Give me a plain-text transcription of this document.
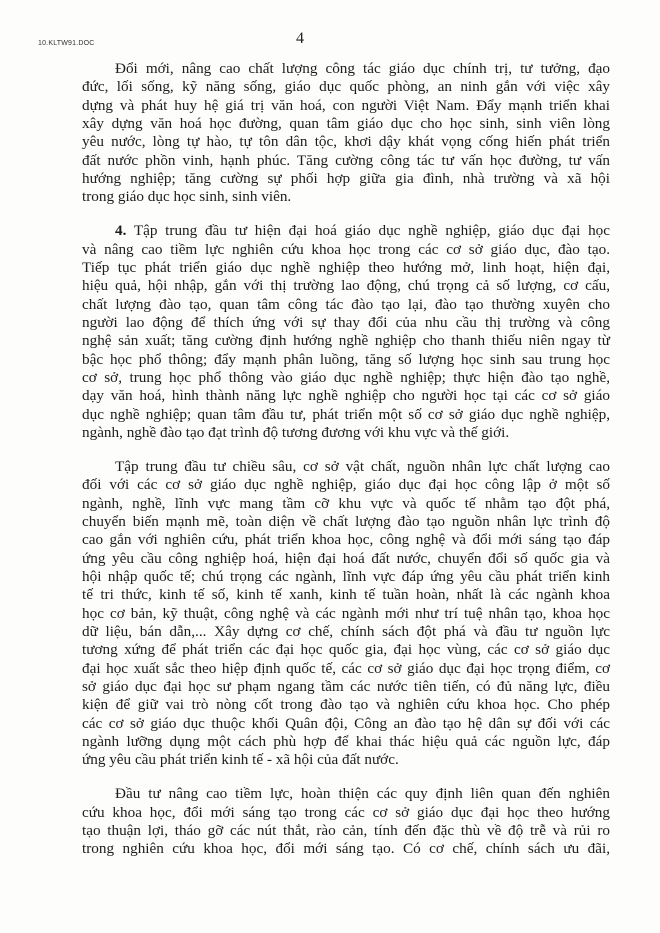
10.KLTW91.DOC	4
Đổi mới, nâng cao chất lượng công tác giáo dục chính trị, tư tưởng, đạo
đức, lối sống, kỹ năng sống, giáo dục quốc phòng, an ninh gắn với việc xây
dựng và phát huy hệ giá trị văn hoá, con người Việt Nam. Đẩy mạnh triển khai
xây dựng văn hoá học đường, quan tâm giáo dục cho học sinh, sinh viên lòng
yêu nước, lòng tự hào, tự tôn dân tộc, khơi dậy khát vọng cống hiến phát triển
đất nước phồn vinh, hạnh phúc. Tăng cường công tác tư vấn học đường, tư vấn
hướng nghiệp; tăng cường sự phối hợp giữa gia đình, nhà trường và xã hội
trong giáo dục học sinh, sinh viên.
4. Tập trung đầu tư hiện đại hoá giáo dục nghề nghiệp, giáo dục đại học
và nâng cao tiềm lực nghiên cứu khoa học trong các cơ sở giáo dục, đào tạo.
Tiếp tục phát triển giáo dục nghề nghiệp theo hướng mở, linh hoạt, hiện đại,
hiệu quả, hội nhập, gắn với thị trường lao động, chú trọng cả số lượng, cơ cấu,
chất lượng đào tạo, quan tâm công tác đào tạo lại, đào tạo thường xuyên cho
người lao động để thích ứng với sự thay đổi của nhu cầu thị trường và công
nghệ sản xuất; tăng cường định hướng nghề nghiệp cho thanh thiếu niên ngay từ
bậc học phổ thông; đẩy mạnh phân luồng, tăng số lượng học sinh sau trung học
cơ sở, trung học phổ thông vào giáo dục nghề nghiệp; thực hiện đào tạo nghề,
dạy văn hoá, hình thành năng lực nghề nghiệp cho người học tại các cơ sở giáo
dục nghề nghiệp; quan tâm đầu tư, phát triển một số cơ sở giáo dục nghề nghiệp,
ngành, nghề đào tạo đạt trình độ tương đương với khu vực và thế giới.
Tập trung đầu tư chiều sâu, cơ sở vật chất, nguồn nhân lực chất lượng cao
đối với các cơ sở giáo dục nghề nghiệp, giáo dục đại học công lập ở một số
ngành, nghề, lĩnh vực mang tầm cỡ khu vực và quốc tế nhằm tạo đột phá,
chuyển biến mạnh mẽ, toàn diện về chất lượng đào tạo nguồn nhân lực trình độ
cao gắn với nghiên cứu, phát triển khoa học, công nghệ và đổi mới sáng tạo đáp
ứng yêu cầu công nghiệp hoá, hiện đại hoá đất nước, chuyển đổi số quốc gia và
hội nhập quốc tế; chú trọng các ngành, lĩnh vực đáp ứng yêu cầu phát triển kinh
tế tri thức, kinh tế số, kinh tế xanh, kinh tế tuần hoàn, nhất là các ngành khoa
học cơ bản, kỹ thuật, công nghệ và các ngành mới như trí tuệ nhân tạo, khoa học
dữ liệu, bán dẫn,... Xây dựng cơ chế, chính sách đột phá và đầu tư nguồn lực
tương xứng để phát triển các đại học quốc gia, đại học vùng, các cơ sở giáo dục
đại học xuất sắc theo hiệp định quốc tế, các cơ sở giáo dục đại học trọng điểm, cơ
sở giáo dục đại học sư phạm ngang tầm các nước tiên tiến, có đủ năng lực, điều
kiện để giữ vai trò nòng cốt trong đào tạo và nghiên cứu khoa học. Cho phép
các cơ sở giáo dục thuộc khối Quân đội, Công an đào tạo hệ dân sự đối với các
ngành lưỡng dụng một cách phù hợp để khai thác hiệu quả các nguồn lực, đáp
ứng yêu cầu phát triển kinh tế - xã hội của đất nước.
Đầu tư nâng cao tiềm lực, hoàn thiện các quy định liên quan đến nghiên
cứu khoa học, đổi mới sáng tạo trong các cơ sở giáo dục đại học theo hướng
tạo thuận lợi, tháo gỡ các nút thắt, rào cản, tính đến đặc thù về độ trễ và rủi ro
trong nghiên cứu khoa học, đổi mới sáng tạo. Có cơ chế, chính sách ưu đãi,
